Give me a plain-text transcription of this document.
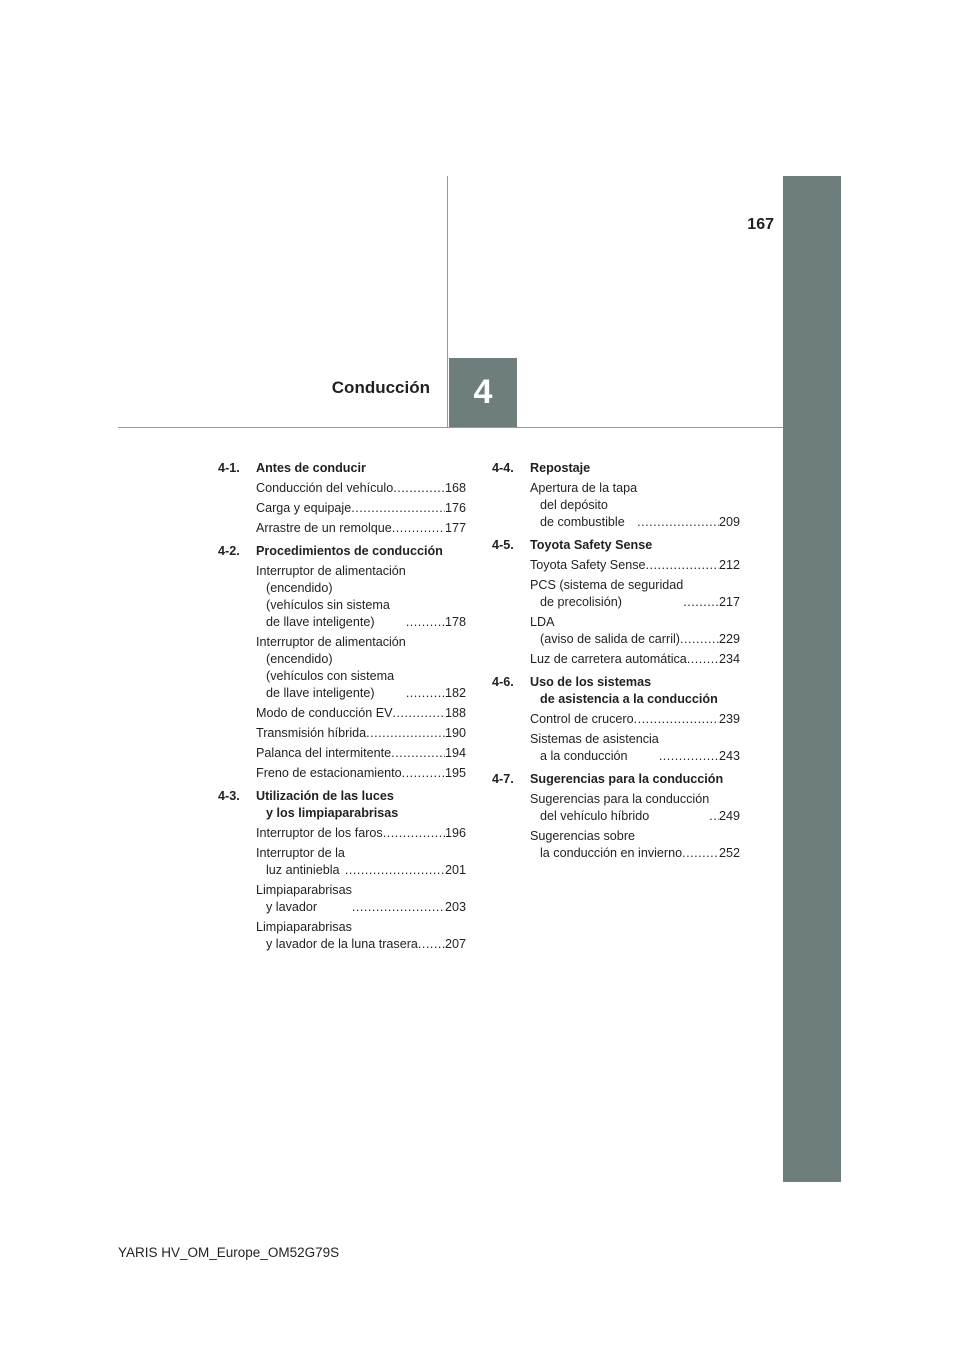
167
4
Conducción
4-1.	Antes de conducir
Conducción del vehículo .....	168
Carga y equipaje .....	176
Arrastre de un remolque .....	177
4-2.	Procedimientos de conducción
Interruptor de alimentación
(encendido)
(vehículos sin sistema
de llave inteligente) .....	178
Interruptor de alimentación
(encendido)
(vehículos con sistema
de llave inteligente) .....	182
Modo de conducción EV .....	188
Transmisión híbrida .....	190
Palanca del intermitente .....	194
Freno de estacionamiento .....	195
4-3.	Utilización de las luces
y los limpiaparabrisas
Interruptor de los faros .....	196
Interruptor de la
luz antiniebla .....	201
Limpiaparabrisas
y lavador .....	203
Limpiaparabrisas
y lavador de la luna trasera ..... 207
4-4.	Repostaje
Apertura de la tapa
del depósito
de combustible .....	209
4-5.	Toyota Safety Sense
Toyota Safety Sense .....	212
PCS (sistema de seguridad
de precolisión) .....	217
LDA
(aviso de salida de carril) .....	229
Luz de carretera automática .....	234
4-6.	Uso de los sistemas
de asistencia a la conducción
Control de crucero .....	239
Sistemas de asistencia
a la conducción .....	243
4-7.	Sugerencias para la conducción
Sugerencias para la conducción
del vehículo híbrido .....	249
Sugerencias sobre
la conducción en invierno .....	252
YARIS HV_OM_Europe_OM52G79S
